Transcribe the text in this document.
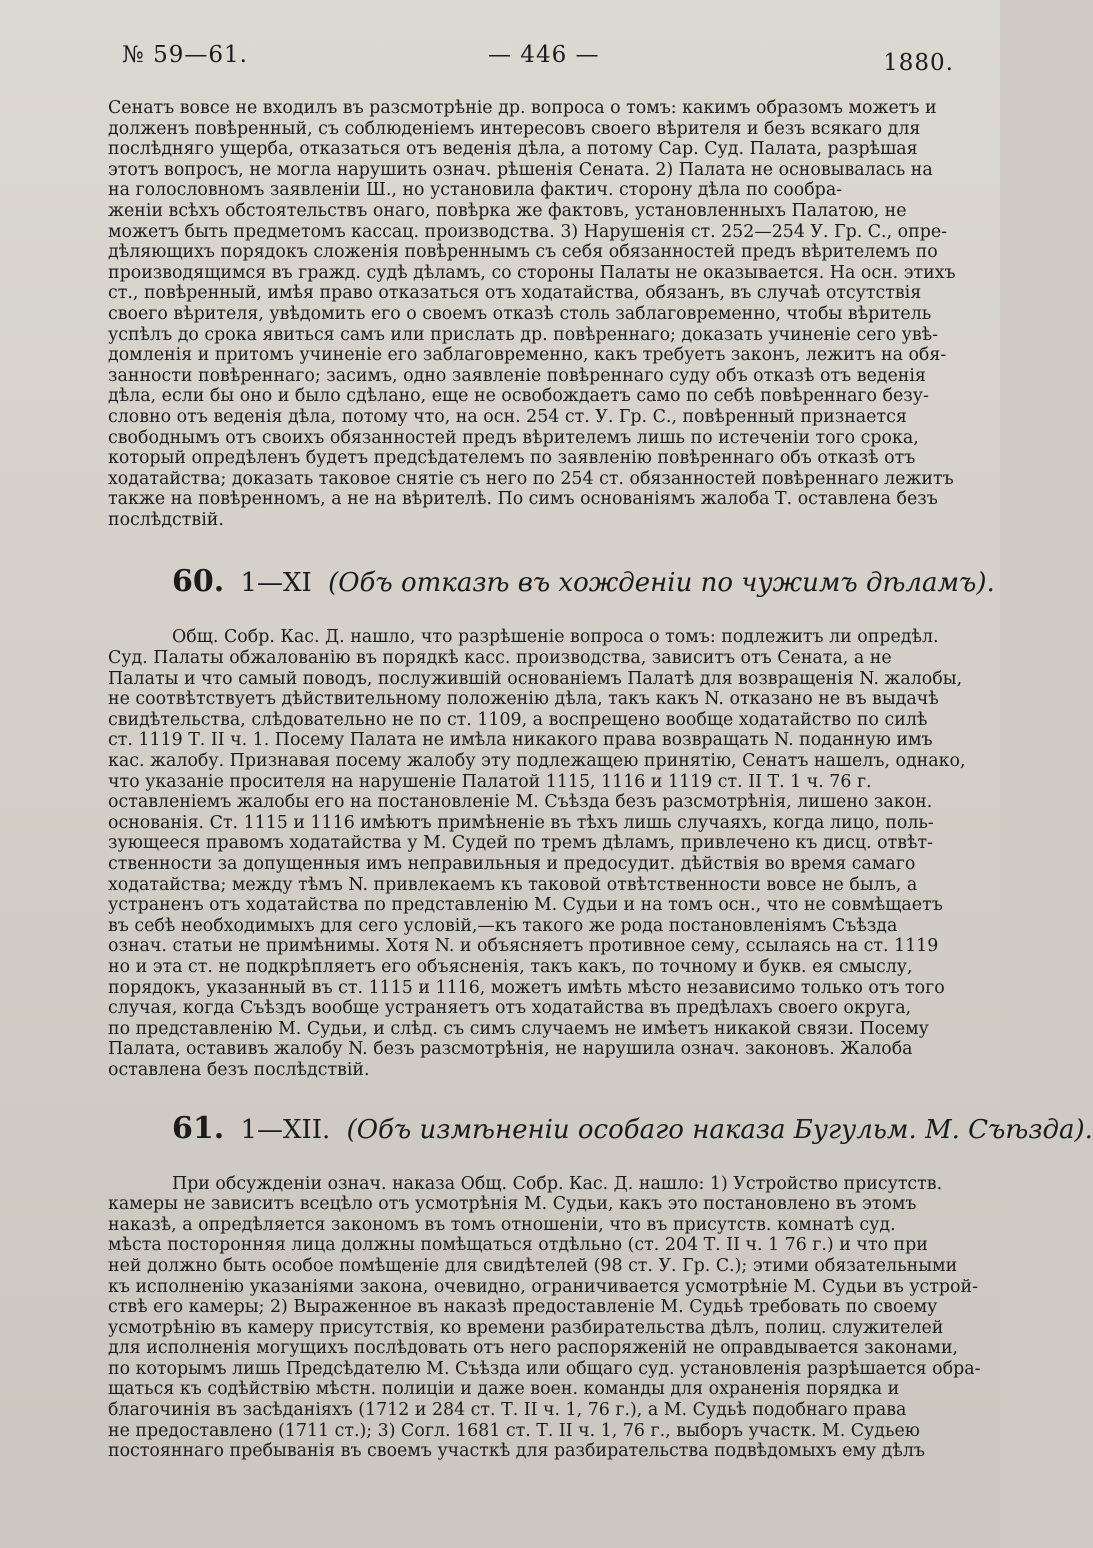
№ 59—61.	— 446 —	1880.
Сенатъ вовсе не входилъ въ разсмотрѣніе др. вопроса о томъ: какимъ образомъ можетъ и
долженъ повѣренный, съ соблюденіемъ интересовъ своего вѣрителя и безъ всякаго для
послѣдняго ущерба, отказаться отъ веденія дѣла, а потому Сар. Суд. Палата, разрѣшая
этотъ вопросъ, не могла нарушить означ. рѣшенія Сената. 2) Палата не основывалась на
на голословномъ заявленіи Ш., но установила фактич. сторону дѣла по сообра-
женіи всѣхъ обстоятельствъ онаго, повѣрка же фактовъ, установленныхъ Палатою, не
можетъ быть предметомъ кассац. производства. 3) Нарушенія ст. 252—254 У. Гр. С., опре-
дѣляющихъ порядокъ сложенія повѣреннымъ съ себя обязанностей предъ вѣрителемъ по
производящимся въ гражд. судѣ дѣламъ, со стороны Палаты не оказывается. На осн. этихъ
ст., повѣренный, имѣя право отказаться отъ ходатайства, обязанъ, въ случаѣ отсутствія
своего вѣрителя, увѣдомить его о своемъ отказѣ столь заблаговременно, чтобы вѣритель
успѣлъ до срока явиться самъ или прислать др. повѣреннаго; доказать учиненіе сего увѣ-
домленія и притомъ учиненіе его заблаговременно, какъ требуетъ законъ, лежитъ на обя-
занности повѣреннаго; засимъ, одно заявленіе повѣреннаго суду объ отказѣ отъ веденія
дѣла, если бы оно и было сдѣлано, еще не освобождаетъ само по себѣ повѣреннаго безу-
словно отъ веденія дѣла, потому что, на осн. 254 ст. У. Гр. С., повѣренный признается
свободнымъ отъ своихъ обязанностей предъ вѣрителемъ лишь по истеченіи того срока,
который опредѣленъ будетъ предсѣдателемъ по заявленію повѣреннаго объ отказѣ отъ
ходатайства; доказать таковое снятіе съ него по 254 ст. обязанностей повѣреннаго лежитъ
также на повѣренномъ, а не на вѣрителѣ. По симъ основаніямъ жалоба Т. оставлена безъ
послѣдствій.
60. 1—XI (Объ отказѣ въ хожденіи по чужимъ дѣламъ).
Общ. Собр. Кас. Д. нашло, что разрѣшеніе вопроса о томъ: подлежитъ ли опредѣл.
Суд. Палаты обжалованію въ порядкѣ касс. производства, зависитъ отъ Сената, а не
Палаты и что самый поводъ, послужившій основаніемъ Палатѣ для возвращенія N. жалобы,
не соотвѣтствуетъ дѣйствительному положенію дѣла, такъ какъ N. отказано не въ выдачѣ
свидѣтельства, слѣдовательно не по ст. 1109, а воспрещено вообще ходатайство по силѣ
ст. 1119 Т. II ч. 1. Посему Палата не имѣла никакого права возвращать N. поданную имъ
кас. жалобу. Признавая посему жалобу эту подлежащею принятію, Сенатъ нашелъ, однако,
что указаніе просителя на нарушеніе Палатой 1115, 1116 и 1119 ст. II Т. 1 ч. 76 г.
оставленіемъ жалобы его на постановленіе М. Съѣзда безъ разсмотрѣнія, лишено закон.
основанія. Ст. 1115 и 1116 имѣютъ примѣненіе въ тѣхъ лишь случаяхъ, когда лицо, поль-
зующееся правомъ ходатайства у М. Судей по тремъ дѣламъ, привлечено къ дисц. отвѣт-
ственности за допущенныя имъ неправильныя и предосудит. дѣйствія во время самаго
ходатайства; между тѣмъ N. привлекаемъ къ таковой отвѣтственности вовсе не былъ, а
устраненъ отъ ходатайства по представленію М. Судьи и на томъ осн., что не совмѣщаетъ
въ себѣ необходимыхъ для сего условій,—къ такого же рода постановленіямъ Съѣзда
означ. статьи не примѣнимы. Хотя N. и объясняетъ противное сему, ссылаясь на ст. 1119
но и эта ст. не подкрѣпляетъ его объясненія, такъ какъ, по точному и букв. ея смыслу,
порядокъ, указанный въ ст. 1115 и 1116, можетъ имѣть мѣсто независимо только отъ того
случая, когда Съѣздъ вообще устраняетъ отъ ходатайства въ предѣлахъ своего округа,
по представленію М. Судьи, и слѣд. съ симъ случаемъ не имѣетъ никакой связи. Посему
Палата, оставивъ жалобу N. безъ разсмотрѣнія, не нарушила означ. законовъ. Жалоба
оставлена безъ послѣдствій.
61. 1—XII. (Объ измѣненіи особаго наказа Бугульм. М. Съѣзда).
При обсужденіи означ. наказа Общ. Собр. Кас. Д. нашло: 1) Устройство присутств.
камеры не зависитъ всецѣло отъ усмотрѣнія М. Судьи, какъ это постановлено въ этомъ
наказѣ, а опредѣляется закономъ въ томъ отношеніи, что въ присутств. комнатѣ суд.
мѣста посторонняя лица должны помѣщаться отдѣльно (ст. 204 Т. II ч. 1 76 г.) и что при
ней должно быть особое помѣщеніе для свидѣтелей (98 ст. У. Гр. С.); этими обязательными
къ исполненію указаніями закона, очевидно, ограничивается усмотрѣніе М. Судьи въ устрой-
ствѣ его камеры; 2) Выраженное въ наказѣ предоставленіе М. Судьѣ требовать по своему
усмотрѣнію въ камеру присутствія, ко времени разбирательства дѣлъ, полиц. служителей
для исполненія могущихъ послѣдовать отъ него распоряженій не оправдывается законами,
по которымъ лишь Предсѣдателю М. Съѣзда или общаго суд. установленія разрѣшается обра-
щаться къ содѣйствію мѣстн. полиціи и даже воен. команды для охраненія порядка и
благочинія въ засѣданіяхъ (1712 и 284 ст. Т. II ч. 1, 76 г.), а М. Судьѣ подобнаго права
не предоставлено (1711 ст.); 3) Согл. 1681 ст. Т. II ч. 1, 76 г., выборъ участк. М. Судьею
постояннаго пребыванія въ своемъ участкѣ для разбирательства подвѣдомыхъ ему дѣлъ
